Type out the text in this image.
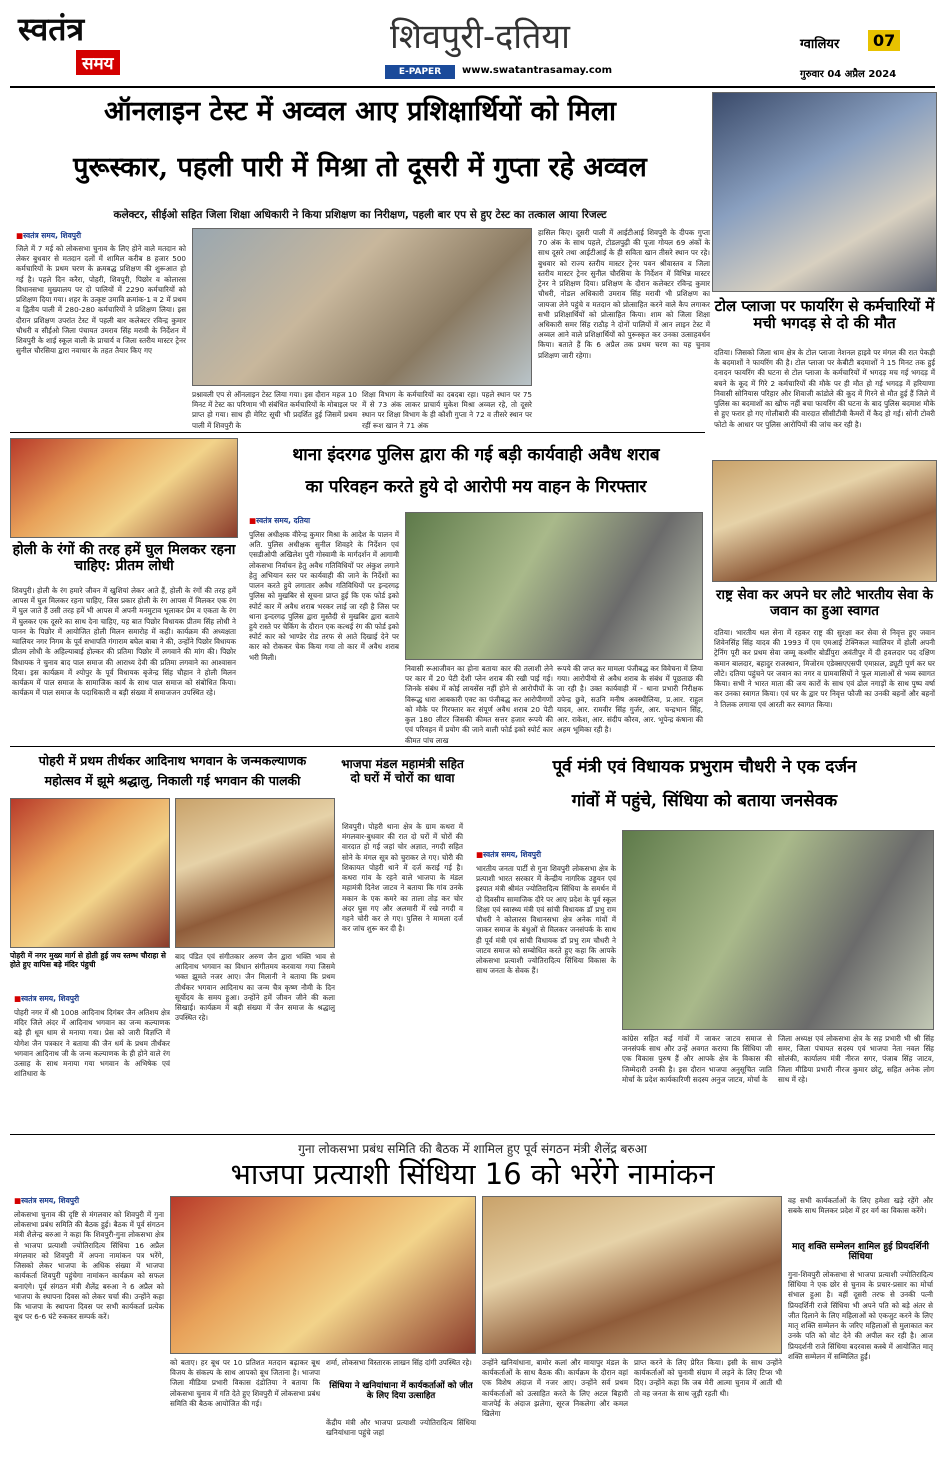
स्वतंत्र
समय
शिवपुरी-दतिया
E-PAPER	www.swatantrasamay.com
ग्वालियर	07
गुरुवार 04 अप्रैल 2024
ऑनलाइन टेस्ट में अव्वल आए प्रशिक्षार्थियों को मिला
पुरूस्कार, पहली पारी में मिश्रा तो दूसरी में गुप्ता रहे अव्वल
कलेक्टर, सीईओ सहित जिला शिक्षा अधिकारी ने किया प्रशिक्षण का निरीक्षण, पहली बार एप से हुए टेस्ट का तत्काल आया रिजल्ट
■ स्वतंत्र समय, शिवपुरी
जिले में 7 मई को लोकसभा चुनाव के लिए होने वाले मतदान को लेकर बुधवार से मतदान दलों में शामिल करीब 8 हजार 500 कर्मचारियों के प्रथम चरण के क्रमबद्ध प्रशिक्षण की शुरूआत हो गई है। पहले दिन करैरा, पोहरी, शिवपुरी, पिछोर व कोलारस विधानसभा मुख्यालय पर दो पालियों में 2290 कर्मचारियों को प्रशिक्षण दिया गया। शहर के उत्कृष्ट उमावि क्रमांक-1 व 2 में प्रथम व द्वितीय पाली में 280-280 कर्मचारियों ने प्रशिक्षण लिया। इस दौरान प्रशिक्षण उपरांत टेस्ट में पहली बार कलेक्टर रविन्द्र कुमार चौधरी व सीईओ जिला पंचायत उमराव सिंह मरावी के निर्देशन में शिवपुरी के शाई स्कूल वाली के प्राचार्य व जिला स्तरीय मास्टर ट्रेनर सुनील चौरसिया द्वारा नवाचार के तहत तैयार किए गए
प्रश्नावली एप से ऑनलाइन टेस्ट लिया गया। इस दौरान महज 10 मिनट में टेस्ट का परिणाम भी संबंधित कर्मचारियों के मोबाइल पर प्राप्त हो गया। साथ ही मेरिट सूची भी प्रदर्शित हुई जिसमें प्रथम पाली में शिवपुरी के
शिक्षा विभाग के कर्मचारियों का दबदबा रहा। पहले स्थान पर 75 में से 73 अंक लाकर प्राचार्य मुकेश मिश्रा अव्वल रहे, तो दूसरे स्थान पर शिक्षा विभाग के ही कौशी गुप्ता ने 72 व तीसरे स्थान पर रहीं रूश खान ने 71 अंक
हासिल किए। दूसरी पाली में आईटीआई शिवपुरी के दीपक गुप्ता 70 अंक के साथ पहले, टोडलपुढ़ी की पूजा गोयल 69 अंकों के साथ दूसरे तथा आईटीआई के ही सविता खान तीसरे स्थान पर रहे। बुधवार को राज्य स्तरीय मास्टर ट्रेनर पवन श्रीवास्तव व जिला स्तरीय मास्टर ट्रेनर सुनील चौरसिया के निर्देशन में विभिन्न मास्टर ट्रेनर ने प्रशिक्षण दिया। प्रशिक्षण के दौरान कलेक्टर रविन्द्र कुमार चौधरी, नोडल अधिकारी उमराव सिंह मरावी भी प्रशिक्षण का जायजा लेने पहुंचे व मतदान को प्रोत्साहित करने वाले कैप लगाकर सभी प्रशिक्षार्थियों को प्रोत्साहित किया। शाम को जिला शिक्षा अधिकारी समर सिंह राठौड़ ने दोनों पालियों में आन लाइन टेस्ट में अव्वल आने वाले प्रशिक्षार्थियों को पुरूस्कृत कर उनका उत्साहवर्धन किया। बताते हैं कि 6 अप्रैल तक प्रथम चरण का यह चुनाव प्रशिक्षण जारी रहेगा।
टोल प्लाजा पर फायरिंग से कर्मचारियों में मची भगदड़ से दो की मौत
दतिया। जिसको जिला धाम क्षेत्र के टोल प्लाजा नेशनल हाइवे पर मंगल की रात पेकड़ी के बदमाशों ने फायरिंग की है। टोल प्लाजा पर केबीटी बदमाशों ने 15 मिनट तक हुई दनादन फायरिंग की घटना से टोल प्लाजा के कर्मचारियों में भगदड़ मच गई भगदड़ में बचने के कूद में गिरे 2 कर्मचारियों की मौके पर ही मौत हो गई भगदड़ में हरियाणा निवासी सोनियास परिहार और शिवाजी कांडोले की कूद में गिरने से मौत हुई हैं जिले में पुलिस का बदमाशों का खौफ नहीं बचा फायरिंग की घटना के बाद पुलिस बदमाश मौके से हुए फरार हो गए गोलीबारी की वारदात सीसीटीवी कैमरों में कैद हो गई। सोनी टोवरी फोटो के आधार पर पुलिस आरोपियों की जांच कर रही है।
होली के रंगों की तरह हमें घुल मिलकर रहना चाहिए: प्रीतम लोधी
शिवपुरी। होली के रंग हमारे जीवन में खुशियां लेकर आते हैं, होली के रंगों की तरह हमें आपस में घुल मिलकर रहना चाहिए, जिस प्रकार होली के रंग आपस में मिलकर एक रंग में घुल जाते हैं उसी तरह हमें भी आपस में अपनी मनमुटाव भूलाकर प्रेम व एकता के रंग में घुलकर एक दूसरे का साथ देना चाहिए, यह बात पिछोर विधायक प्रीतम सिंह लोधी ने पानन के पिछोर में आयोजित होली मिलन समारोह में कही। कार्यक्रम की अध्यक्षता ग्वालियर नगर निगम के पूर्व सभापति गंगाराम बघेल बाबा ने की, उन्होंने पिछोर विधायक प्रीतम लोधी के अहिल्याबाई होल्कर की प्रतिमा पिछोर में लगवाने की मांग की। पिछोर विधायक ने चुनाव बाद पाल समाज की आराध्य देवी की प्रतिमा लगवाने का आश्वासन दिया। इस कार्यक्रम में श्योपुर के पूर्व विधायक बृजेन्द्र सिंह चौहान ने होली मिलन कार्यक्रम में पाल समाज के सामाजिक कार्य के साथ पाल समाज को संबोधित किया। कार्यक्रम में पाल समाज के पदाधिकारी व बड़ी संख्या में समाजजन उपस्थित रहे।
थाना इंदरगढ पुलिस द्वारा की गई बड़ी कार्यवाही अवैध शराब
का परिवहन करते हुये दो आरोपी मय वाहन के गिरफ्तार
■ स्वतंत्र समय, दतिया
पुलिस अधीक्षक वीरेन्द्र कुमार मिश्रा के आदेश के पालन में अति. पुलिस अधीक्षक सुनील शिवहरे के निर्देशन एवं एसडीओपी अखिलेश पुरी गोस्वामी के मार्गदर्शन में आगामी लोकसभा निर्वाचन हेतु अवैध गतिविधियों पर अंकुश लगाने हेतु अभियान स्तर पर कार्यवाही की जाने के निर्देशों का पालन करते हुये लगातार अवैध गतिविधियों पर इन्दरगढ़ पुलिस को मुखबिर से सूचना प्राप्त हुई कि एक फोर्ड इको स्पोर्ट कार में अवैध शराब भरकर लाई जा रही है जिस पर थाना इन्दरगढ़ पुलिस द्वारा मुस्तैदी से मुखबिर द्वारा बताये हुये रास्ते पर चेकिंग के दौरान एक कत्थई रंग की फोर्ड इको स्पोर्ट कार को भाण्डेर रोड तरफ से आते दिखाई देने पर कार को रोककर चेक किया गया तो कार में अवैध शराब भरी मिली।
निवासी रूआजीवन का होना बताया कार की तलाशी लेने पर कार में 20 पेटी देशी प्लेन शराब की रखी पाई गई। जिनके संबंध में कोई लायसेंस नहीं होने से आरोपीयों के विरूद्ध धारा आबकारी एक्ट का पंजीबद्ध कर आरोपीगणों को मौके पर गिरफ्तार कर संपूर्ण अवैध शराब 20 पेटी कुल 180 लीटर जिसकी कीमत सत्तर हजार रूपये की एवं परिवहन में प्रयोग की जाने वाली फोर्ड इको स्पोर्ट कार कीमत पांच लाख
रूपये की जप्त कर मामला पंजीबद्ध कर विवेचना में लिया गया। आरोपीयो से अवैध शराब के संबंध में पूछताछ की जा रही है। उक्त कार्यवाही में - थाना प्रभारी निरीक्षक उपेन्द्र छुवे, सउनि मनीष अवस्थीलिया, प्र.आर. राहुल यादव, आर. रामवीर सिंह गुर्जर, आर. चन्द्रभान सिंह, आर. राकेश, आर. संदीप कौरव, आर. भूपेन्द्र कंषाना की अहम भूमिका रही है।
राष्ट्र सेवा कर अपने घर लौटे भारतीय सेवा के जवान का हुआ स्वागत
दतिया। भारतीय थल सेना में रहकर राष्ट्र की सुरक्षा कर सेवा से निवृत्त हुए जवान शिवेनसिंह सिंह यादव की 1993 में एम एमआई टेक्निकल ग्वालियर में होली अपनी ट्रेनिंग पूरी कर प्रथम सेवा जम्मू कश्मीर बोर्डीपुरा अवंतीपुर में दी हवलदार पद दक्षिण कमान बालदार, बहादुर राजस्थान, मिजोरम एडेक्सएएसपी एमफ़ाल, ड्यूटी पूर्ण कर घर लौटे। दतिया पहुंचने पर जवान का नगर व ग्रामवासियों ने फूल मालाओं से भव्य स्वागत किया। सभी ने भारत माता की जय कारों के साथ एवं ढोल नगाड़ों के साथ पुष्प वर्षा कर उनका स्वागत किया। एवं घर के द्वार पर निवृत्त फौजी का उनकी बहनों और बहनों ने तिलक लगाया एवं आरती कर स्वागत किया।
पोहरी में प्रथम तीर्थकर आदिनाथ भगवान के जन्मकल्याणक
महोत्सव में झूमे श्रद्धालु, निकाली गई भगवान की पालकी
पोहरी में नगर मुख्य मार्ग से होती हुई जय स्तम्भ चौराहा से होते हुए वापिस बड़े मंदिर पंहुची
■ स्वतंत्र समय, शिवपुरी
पोहरी नगर में श्री 1008 आदिनाथ दिगंबर जैन अतिशय क्षेत्र मंदिर जिले अंदर में आदिनाथ भगवान का जन्म कल्याणक बड़े ही धूम धाम से मनाया गया। प्रेस को जारी विज्ञप्ति में योगेश जैन पत्रकार ने बताया की जैन धर्म के प्रथम तीर्थंकर भगवान आदिनाथ जी के जन्म कल्याणक के ही होने वाले रंग उत्साह के साथ मनाया गया भगवान के अभिषेक एवं शांतिधारा के
बाद पंडित एवं संगीतकार अरुण जैन द्वारा भक्ति भाव से आदिनाथ भगवान का विधान संगीतमय करवाया गया जिसमे भक्त झूमते नजर आए। जैन मिलानी ने बताया कि प्रथम तीर्थंकर भगवान आदिनाथ का जन्म चैत्र कृष्ण नौमी के दिन सूर्योदय के समय हुआ। उन्होंने हमें जीवन जीने की कला सिखाई। कार्यक्रम में बड़ी संख्या में जैन समाज के श्रद्धालु उपस्थित रहे।
भाजपा मंडल महामंत्री सहित दो घरों में चोरों का धावा
शिवपुरी। पोहरी थाना क्षेत्र के ग्राम कथरा में मंगलवार-बुधवार की रात दो घरों में चोरों की वारदात हो गई जहां चोर अज्ञात, नगदी सहित सोने के मंगल सूत्र को चुराकर ले गए। चोरी की शिकायत पोहरी थाने में दर्ज कराई गई है। कथरा गांव के रहने वाले भाजपा के मंडल महामंत्री दिनेश जाटव ने बताया कि गांव उनके मकान के एक कमरे का ताला तोड़ कर चोर अंदर घुस गए और अलमारी में रखे नगदी व गहने चोरी कर ले गए। पुलिस ने मामला दर्ज कर जांच शुरू कर दी है।
पूर्व मंत्री एवं विधायक प्रभुराम चौधरी ने एक दर्जन
गांवों में पहुंचे, सिंधिया को बताया जनसेवक
■ स्वतंत्र समय, शिवपुरी
भारतीय जनता पार्टी से गुना शिवपुरी लोकसभा क्षेत्र के प्रत्याशी भारत सरकार में केन्द्रीय नागरिक उड्डयन एवं इस्पात मंत्री श्रीमंत ज्योतिरादित्य सिंधिया के समर्थन में दो दिवसीय सामाजिक दौरे पर आए प्रदेश के पूर्व स्कूल शिक्षा एवं स्वास्थ्य मंत्री एवं सांची विधायक डॉ प्रभु राम चौधरी ने कोलारस विधानसभा क्षेत्र अनेक गांवों में जाकर समाज के बंधुओं से मिलकर जनसंपर्क के साथ ही पूर्व मंत्री एवं सांची विधायक डॉ प्रभु राम चौधरी ने जाटव समाज को सम्बोधित करते हुए कहा कि आपके लोकसभा प्रत्याशी ज्योतिरादित्य सिंधिया विकास के साथ जनता के सेवक हैं।
कांग्रेस सहित कई गांवों में जाकर जाटव समाज से जनसंपर्क साथ और उन्हें अवगत कराया कि सिंधिया जी एक विकास पुरुष हैं और आपके क्षेत्र के विकास की जिम्मेदारी उनकी है। इस दौरान भाजपा अनुसूचित जाति मोर्चा के प्रदेश कार्यकारिणी सदस्य अनुज जाटव, मोर्चा के
जिला अध्यक्ष एवं लोकसभा क्षेत्र के सह प्रभारी भी श्री सिंह समर, जिला पंचायत सदस्य एवं भाजपा नेता नवल सिंह सोलंकी, कार्यालय मंत्री नीरज सगर, पंजाब सिंह जाटव, जिला मीडिया प्रभारी नीरज कुमार छोटू, सहित अनेक लोग साथ में रहे।
गुना लोकसभा प्रबंध समिति की बैठक में शामिल हुए पूर्व संगठन मंत्री शैलेंद्र बरुआ
भाजपा प्रत्याशी सिंधिया 16 को भरेंगे नामांकन
■ स्वतंत्र समय, शिवपुरी
लोकसभा चुनाव की दृष्टि से मंगलवार को शिवपुरी में गुना लोकसभा प्रबंध समिति की बैठक हुई। बैठक में पूर्व संगठन मंत्री शैलेन्द्र बरुआ ने कहा कि शिवपुरी-गुना लोकसभा क्षेत्र से भाजपा प्रत्याशी ज्योतिरादित्य सिंधिया 16 अप्रैल मंगलवार को शिवपुरी में अपना नामांकन पत्र भरेंगे, जिसको लेकर भाजपा के अधिक संख्या में भाजपा कार्यकर्ता शिवपुरी पहुंचेगा नामांकन कार्यक्रम को सफल बनाएंगे। पूर्व संगठन मंत्री शैलेंद्र बरुआ ने 6 अप्रैल को भाजपा के स्थापना दिवस को लेकर चर्चा की। उन्होंने कहा कि भाजपा के स्थापना दिवस पर सभी कार्यकर्ता प्रत्येक बूथ पर 6-6 घंटे रुककर सम्पर्क करें।
को बताए। हर बूथ पर 10 प्रतिशत मतदान बढ़ाकर बूथ विजय के संकल्प के साथ आपको बूथ जिताना है। भाजपा जिला मीडिया प्रभारी विकास दंडोतिया ने बताया कि लोकसभा चुनाव में गति देते हुए शिवपुरी में लोकसभा प्रबंध समिति की बैठक आयोजित की गई।
शर्मा, लोकसभा विस्तारक लाखन सिंह दांगी उपस्थित रहे।
सिंधिया ने खनियांधाना में कार्यकर्ताओं को जीत के लिए दिया उत्साहित
केंद्रीय मंत्री और भाजपा प्रत्याशी ज्योतिरादित्य सिंधिया खनियांधाना पहुंचे जहां
उन्होंने खनियांधाना, बामोर कलां और मायापुर मंडल के कार्यकर्ताओं के साथ बैठक की। कार्यक्रम के दौरान वहां एक विशेष अंदाज में नजर आए। उन्होंने सर्व प्रथम कार्यकर्ताओं को उत्साहित करते के लिए अटल बिहारी वाजपेई के अंदाज झलेगा, सूरज निकलेगा और कमल खिलेगा
प्राप्त करने के लिए प्रेरित किया। इसी के साथ उन्होंने कार्यकर्ताओं को चुनावी संग्राम में लड़ने के लिए टिप्स भी दिए। उन्होंने कहा कि जब मेरी आत्मा चुनाव में आती थी तो वह जनता के साथ जुड़ी रहती थी।
वह सभी कार्यकर्ताओं के लिए हमेशा खड़े रहेंगे और सबके साथ मिलकर प्रदेश में हर वर्ग का विकास करेंगे।
मातृ शक्ति सम्मेलन शामिल हुई प्रियदर्शिनी सिंधिया
गुना-शिवपुरी लोकसभा से भाजपा प्रत्याशी ज्योतिरादित्य सिंधिया ने एक छोर से चुनाव के प्रचार-प्रसार का मोर्चा संभाल हुआ है। वहीं दूसरी तरफ से उनकी पत्नी प्रियदर्शिनी राजे सिंधिया भी अपने पति को बड़े अंतर से जीत दिलाने के लिए महिलाओं को एकजुट करने के लिए मातृ शक्ति सम्मेलन के जरिए महिलाओं से मुलाकात कर उनके पति को वोट देने की अपील कर रही है। आज प्रियदर्शनी राजे सिंधिया बदरवास कस्बे में आयोजित मातृ शक्ति सम्मेलन में सम्मिलित हुईं।
